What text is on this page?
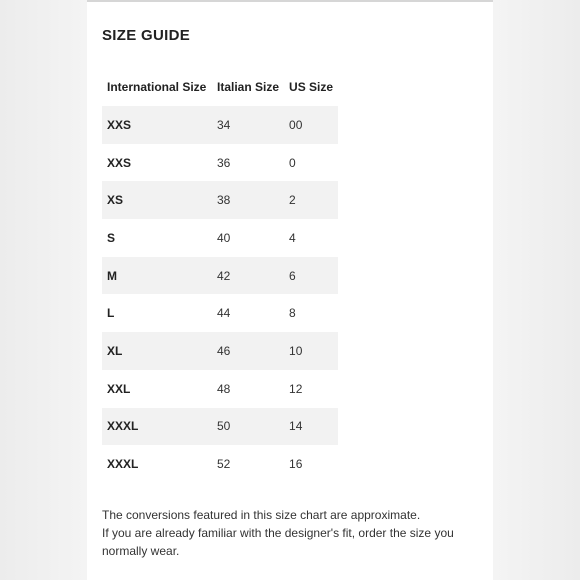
SIZE GUIDE
International Size	Italian Size	US Size
XXS	34	00
XXS	36	0
XS	38	2
S	40	4
M	42	6
L	44	8
XL	46	10
XXL	48	12
XXXL	50	14
XXXL	52	16

The conversions featured in this size chart are approximate.

If you are already familiar with the designer's fit, order the size you normally wear.
